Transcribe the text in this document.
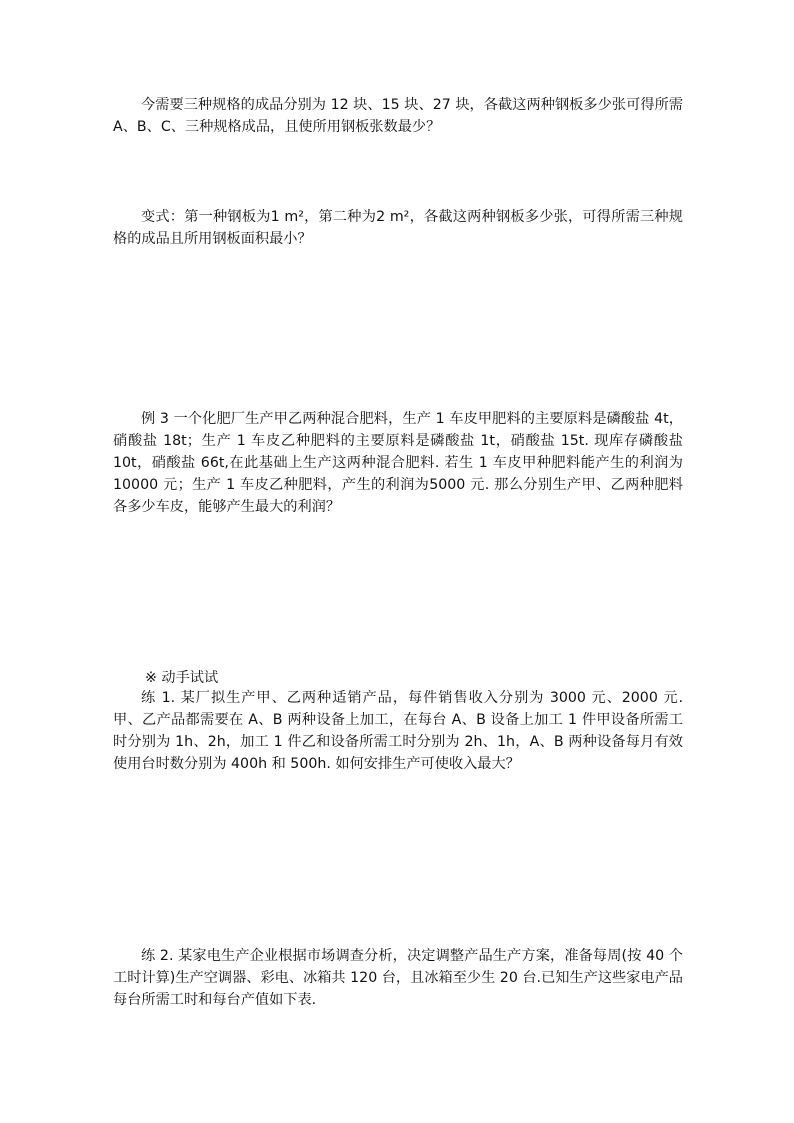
今需要三种规格的成品分别为 12 块、15 块、27 块，各截这两种钢板多少张可得所需 A、B、C、三种规格成品，且使所用钢板张数最少？

变式：第一种钢板为1 m²，第二种为2 m²，各截这两种钢板多少张，可得所需三种规格的成品且所用钢板面积最小？

例 3 一个化肥厂生产甲乙两种混合肥料，生产 1 车皮甲肥料的主要原料是磷酸盐 4t，硝酸盐 18t；生产 1 车皮乙种肥料的主要原料是磷酸盐 1t，硝酸盐 15t. 现库存磷酸盐 10t，硝酸盐 66t,在此基础上生产这两种混合肥料. 若生 1 车皮甲种肥料能产生的利润为 10000 元；生产 1 车皮乙种肥料，产生的利润为5000 元. 那么分别生产甲、乙两种肥料各多少车皮，能够产生最大的利润？

※ 动手试试

练 1. 某厂拟生产甲、乙两种适销产品，每件销售收入分别为 3000 元、2000 元. 甲、乙产品都需要在 A、B 两种设备上加工，在每台 A、B 设备上加工 1 件甲设备所需工时分别为 1h、2h，加工 1 件乙和设备所需工时分别为 2h、1h，A、B 两种设备每月有效使用台时数分别为 400h 和 500h. 如何安排生产可使收入最大？

练 2. 某家电生产企业根据市场调查分析，决定调整产品生产方案，准备每周(按 40 个工时计算)生产空调器、彩电、冰箱共 120 台，且冰箱至少生 20 台.已知生产这些家电产品每台所需工时和每台产值如下表.
